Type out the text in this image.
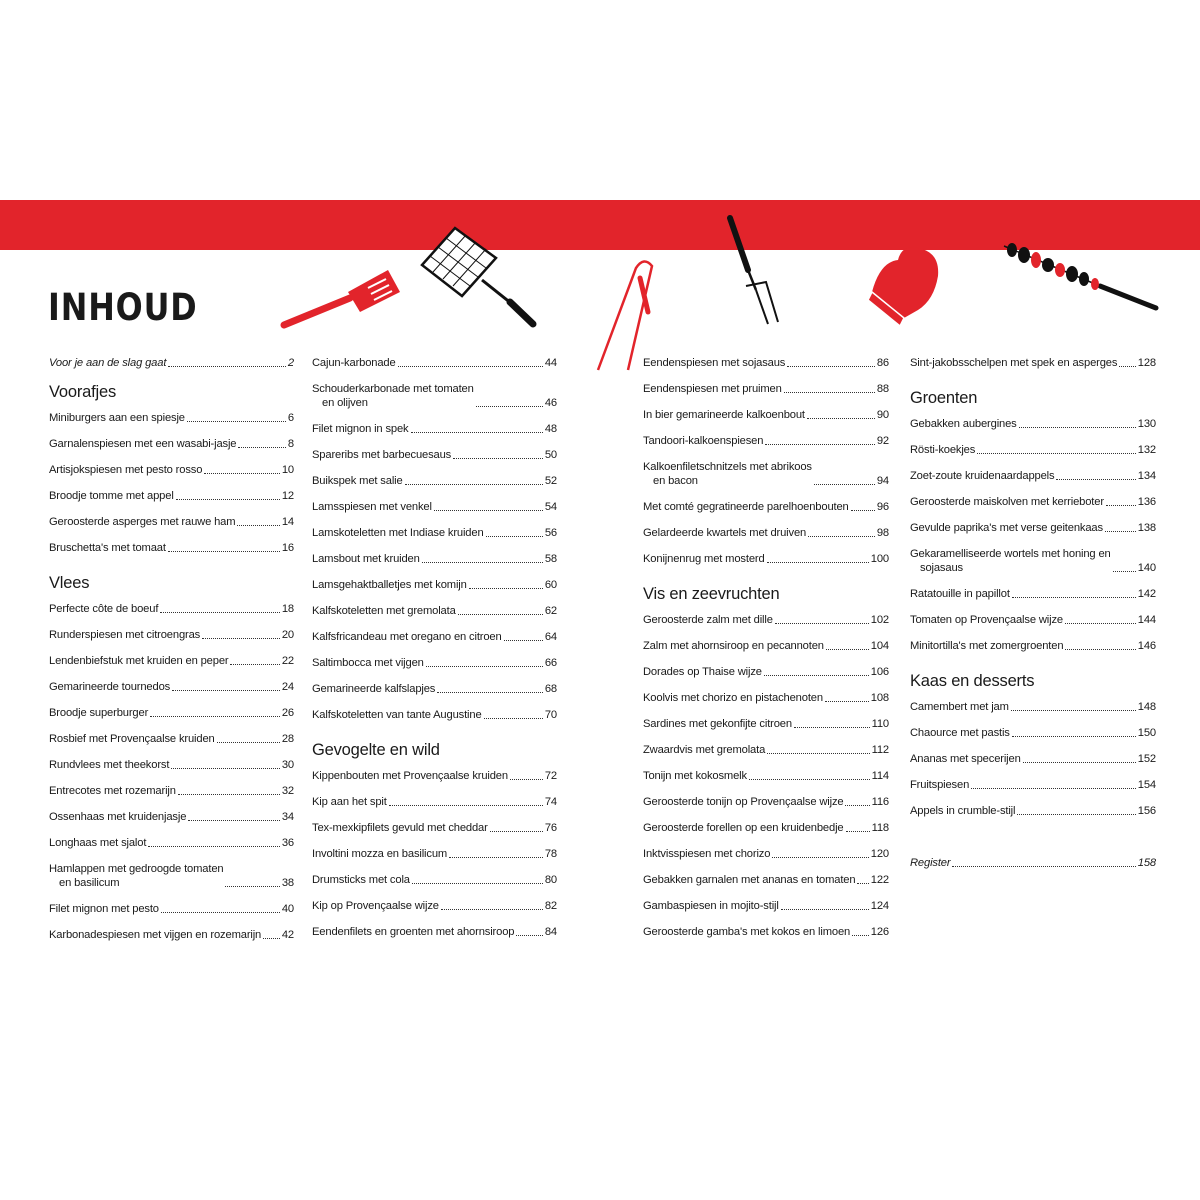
INHOUD
Voor je aan de slag gaat	2
Voorafjes
Miniburgers aan een spiesje	6
Garnalenspiesen met een wasabi-jasje	8
Artisjokspiesen met pesto rosso	10
Broodje tomme met appel	12
Geroosterde asperges met rauwe ham	14
Bruschetta's met tomaat	16
Vlees
Perfecte côte de boeuf	18
Runderspiesen met citroengras	20
Lendenbiefstuk met kruiden en peper	22
Gemarineerde tournedos	24
Broodje superburger	26
Rosbief met Provençaalse kruiden	28
Rundvlees met theekorst	30
Entrecotes met rozemarijn	32
Ossenhaas met kruidenjasje	34
Longhaas met sjalot	36
Hamlappen met gedroogde tomaten
en basilicum	38
Filet mignon met pesto	40
Karbonadespiesen met vijgen en rozemarijn 42
Cajun-karbonade	44
Schouderkarbonade met tomaten
en olijven	46
Filet mignon in spek	48
Spareribs met barbecuesaus	50
Buikspek met salie	52
Lamsspiesen met venkel	54
Lamskoteletten met Indiase kruiden	56
Lamsbout met kruiden	58
Lamsgehaktballetjes met komijn	60
Kalfskoteletten met gremolata	62
Kalfsfricandeau met oregano en citroen	64
Saltimbocca met vijgen	66
Gemarineerde kalfslapjes	68
Kalfskoteletten van tante Augustine	70
Gevogelte en wild
Kippenbouten met Provençaalse kruiden	72
Kip aan het spit	74
Tex-mexkipfilets gevuld met cheddar	76
Involtini mozza en basilicum	78
Drumsticks met cola	80
Kip op Provençaalse wijze	82
Eendenfilets en groenten met ahornsiroop	84
Eendenspiesen met sojasaus	86
Eendenspiesen met pruimen	88
In bier gemarineerde kalkoenbout	90
Tandoori-kalkoenspiesen	92
Kalkoenfiletschnitzels met abrikoos
en bacon	94
Met comté gegratineerde parelhoenbouten	96
Gelardeerde kwartels met druiven	98
Konijnenrug met mosterd	100
Vis en zeevruchten
Geroosterde zalm met dille	102
Zalm met ahornsiroop en pecannoten	104
Dorades op Thaise wijze	106
Koolvis met chorizo en pistachenoten	108
Sardines met gekonfijte citroen	110
Zwaardvis met gremolata	112
Tonijn met kokosmelk	114
Geroosterde tonijn op Provençaalse wijze	116
Geroosterde forellen op een kruidenbedje	118
Inktvisspiesen met chorizo	120
Gebakken garnalen met ananas en tomaten 122
Gambaspiesen in mojito-stijl	124
Geroosterde gamba's met kokos en limoen 126
Sint-jakobsschelpen met spek en asperges 128
Groenten
Gebakken aubergines	130
Rösti-koekjes	132
Zoet-zoute kruidenaardappels	134
Geroosterde maiskolven met kerrieboter	136
Gevulde paprika's met verse geitenkaas	138
Gekaramelliseerde wortels met honing en
sojasaus	140
Ratatouille in papillot	142
Tomaten op Provençaalse wijze	144
Minitortilla's met zomergroenten	146
Kaas en desserts
Camembert met jam	148
Chaource met pastis	150
Ananas met specerijen	152
Fruitspiesen	154
Appels in crumble-stijl	156
Register	158
